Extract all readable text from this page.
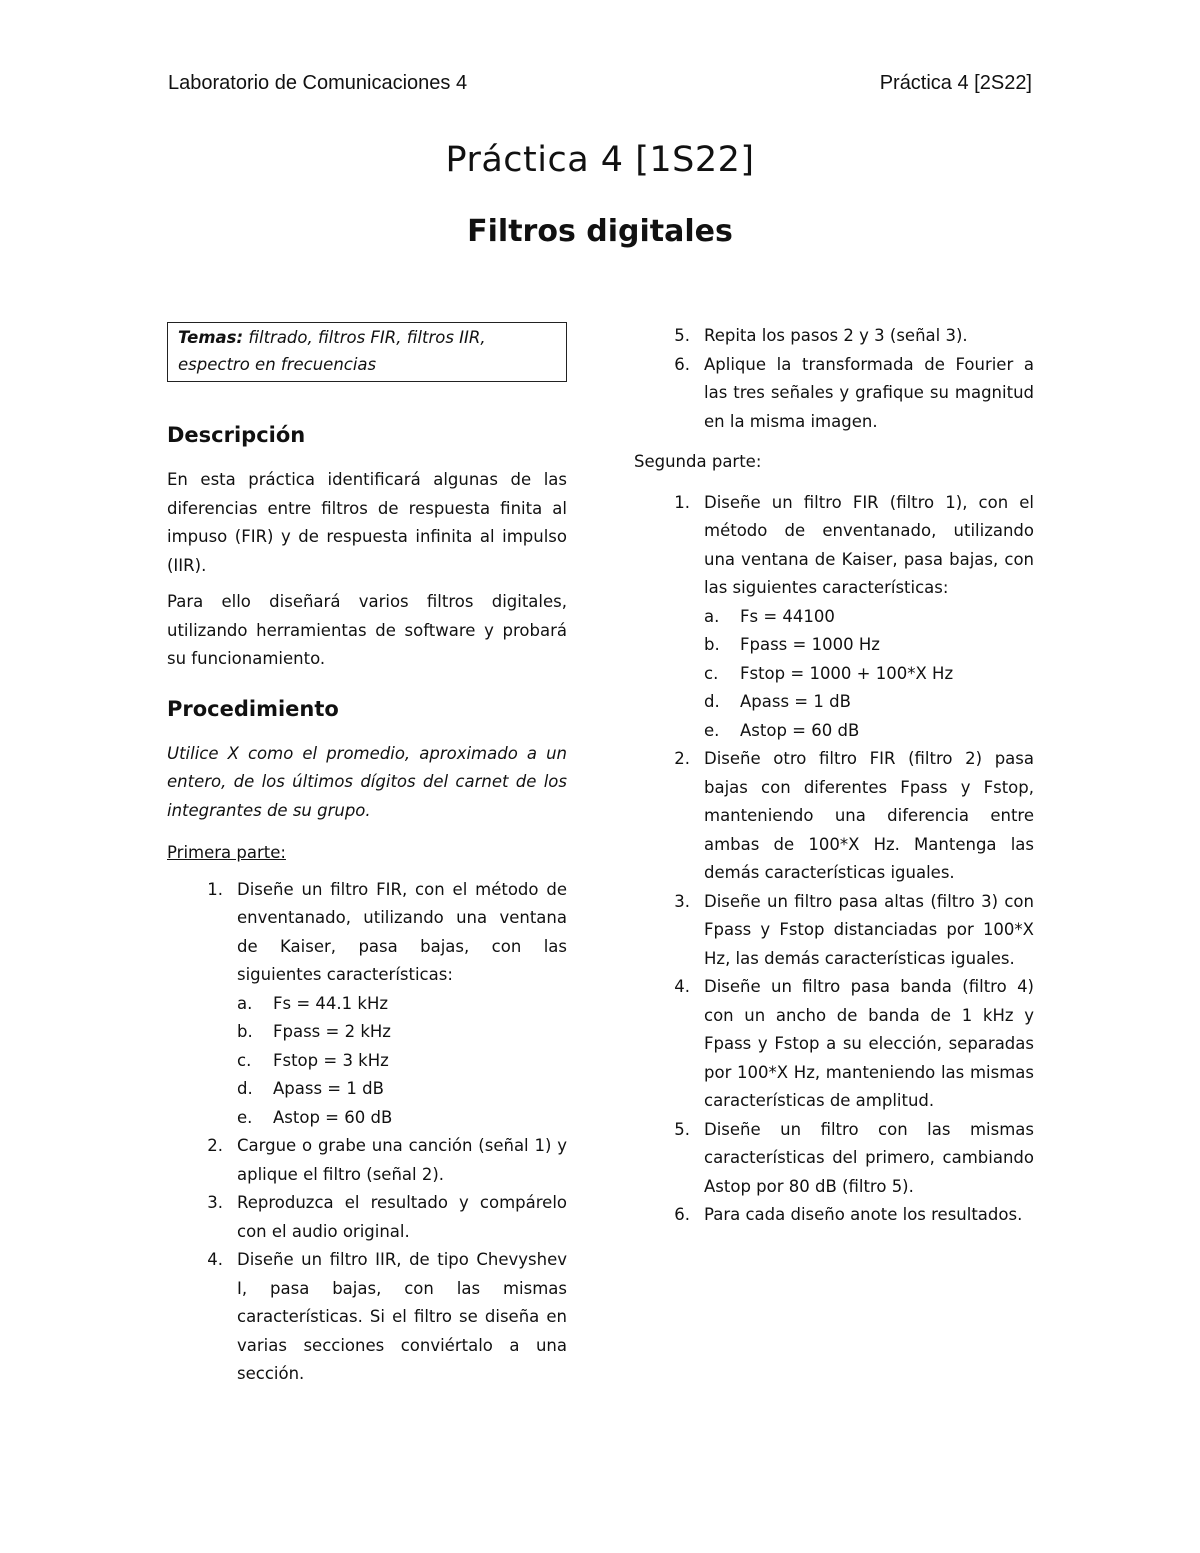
Laboratorio de Comunicaciones 4	Práctica 4 [2S22]
Práctica 4 [1S22]
Filtros digitales
Temas: filtrado, filtros FIR, filtros IIR, espectro en frecuencias
Descripción

En esta práctica identificará algunas de las diferencias entre filtros de respuesta finita al impuso (FIR) y de respuesta infinita al impulso (IIR).

Para ello diseñará varios filtros digitales, utilizando herramientas de software y probará su funcionamiento.

Procedimiento

Utilice X como el promedio, aproximado a un entero, de los últimos dígitos del carnet de los integrantes de su grupo.

Primera parte:

1. Diseñe un filtro FIR, con el método de enventanado, utilizando una ventana de Kaiser, pasa bajas, con las siguientes características:
a.	Fs = 44.1 kHz
b.	Fpass = 2 kHz
c.	Fstop = 3 kHz
d.	Apass = 1 dB
e.	Astop = 60 dB
2. Cargue o grabe una canción (señal 1) y aplique el filtro (señal 2).
3. Reproduzca el resultado y compárelo con el audio original.
4. Diseñe un filtro IIR, de tipo Chevyshev I, pasa bajas, con las mismas características. Si el filtro se diseña en varias secciones conviértalo a una sección.
5. Repita los pasos 2 y 3 (señal 3).
6. Aplique la transformada de Fourier a las tres señales y grafique su magnitud en la misma imagen.

Segunda parte:

1. Diseñe un filtro FIR (filtro 1), con el método de enventanado, utilizando una ventana de Kaiser, pasa bajas, con las siguientes características:
a.	Fs = 44100
b.	Fpass = 1000 Hz
c.	Fstop = 1000 + 100*X Hz
d.	Apass = 1 dB
e.	Astop = 60 dB
2. Diseñe otro filtro FIR (filtro 2) pasa bajas con diferentes Fpass y Fstop, manteniendo una diferencia entre ambas de 100*X Hz. Mantenga las demás características iguales.
3. Diseñe un filtro pasa altas (filtro 3) con Fpass y Fstop distanciadas por 100*X Hz, las demás características iguales.
4. Diseñe un filtro pasa banda (filtro 4) con un ancho de banda de 1 kHz y Fpass y Fstop a su elección, separadas por 100*X Hz, manteniendo las mismas características de amplitud.
5. Diseñe un filtro con las mismas características del primero, cambiando Astop por 80 dB (filtro 5).
6. Para cada diseño anote los resultados.
